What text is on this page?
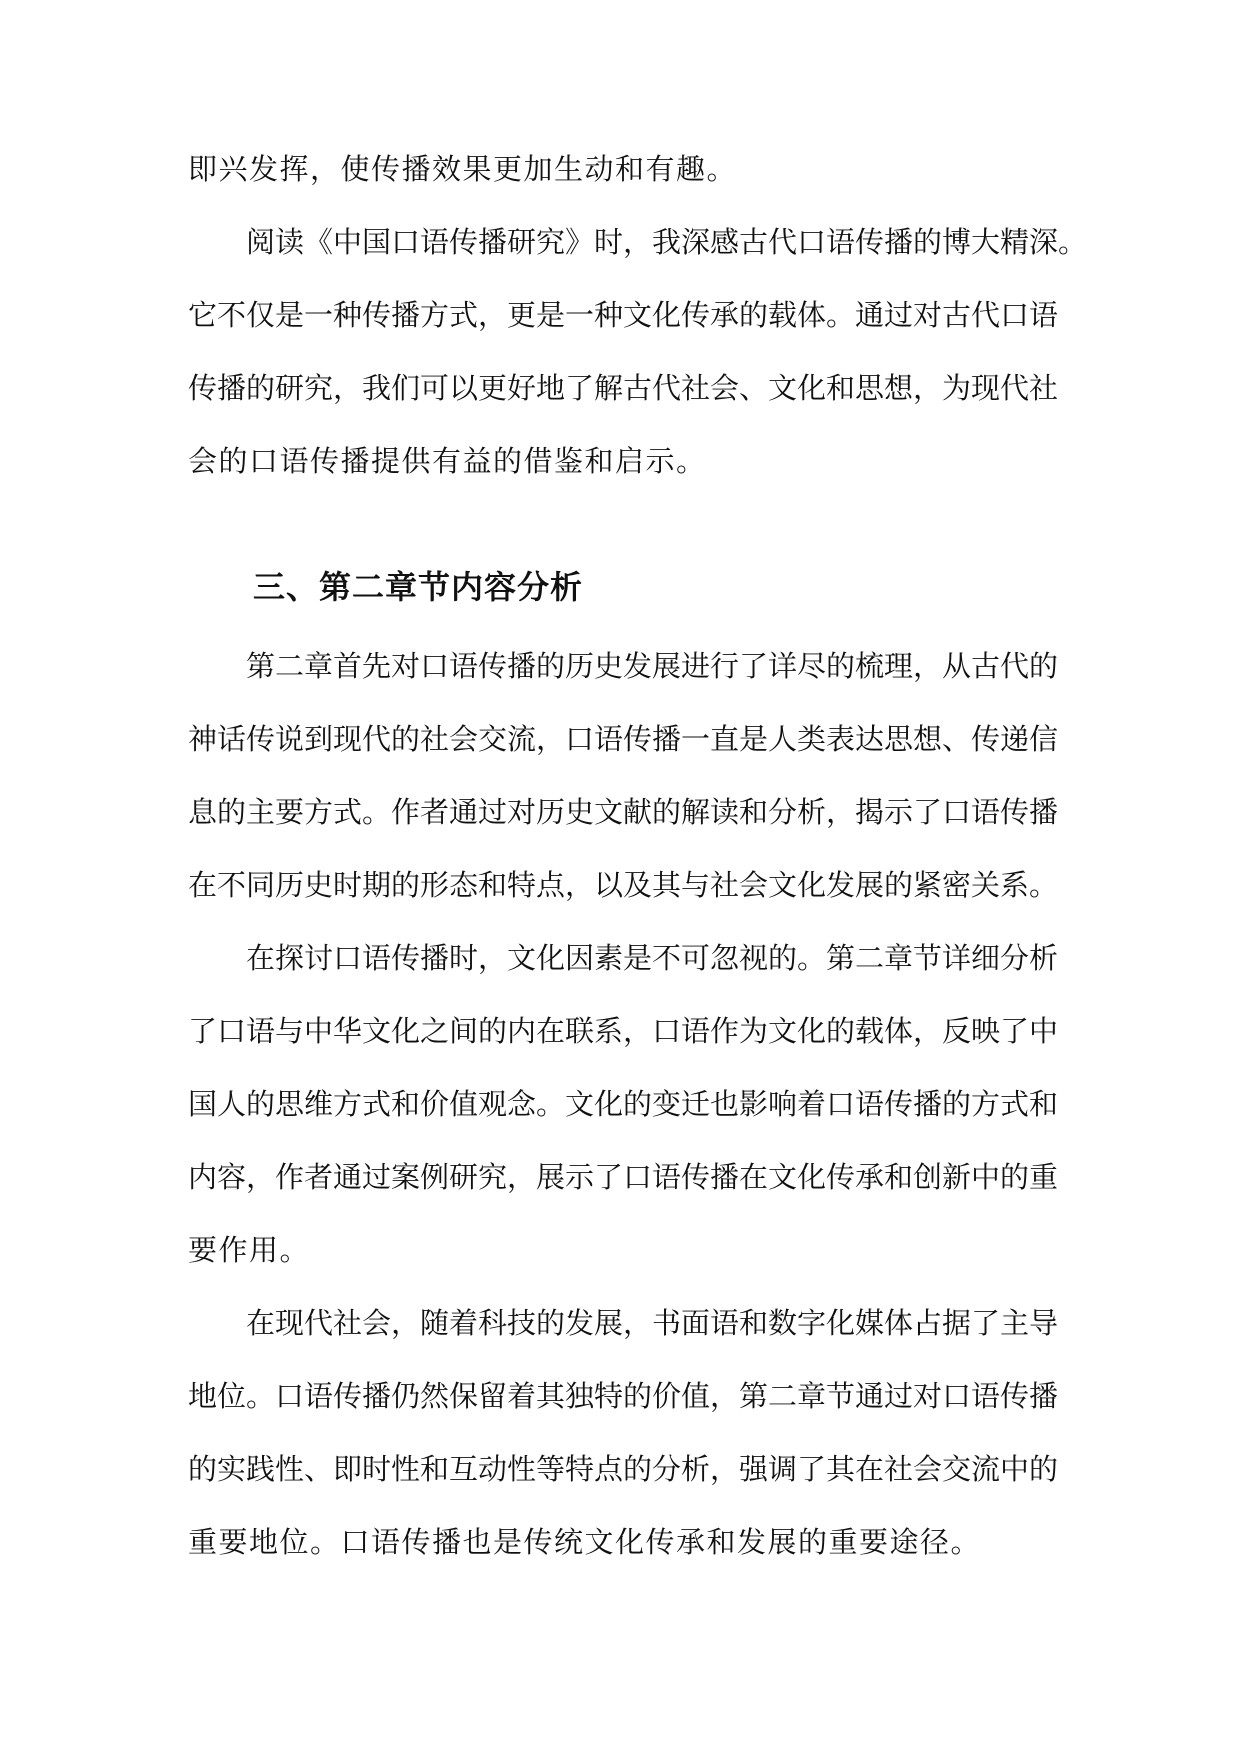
即兴发挥，使传播效果更加生动和有趣。
阅读《中国口语传播研究》时，我深感古代口语传播的博大精深。
它不仅是一种传播方式，更是一种文化传承的载体。通过对古代口语
传播的研究，我们可以更好地了解古代社会、文化和思想，为现代社
会的口语传播提供有益的借鉴和启示。
三、第二章节内容分析
第二章首先对口语传播的历史发展进行了详尽的梳理，从古代的
神话传说到现代的社会交流，口语传播一直是人类表达思想、传递信
息的主要方式。作者通过对历史文献的解读和分析，揭示了口语传播
在不同历史时期的形态和特点，以及其与社会文化发展的紧密关系。
在探讨口语传播时，文化因素是不可忽视的。第二章节详细分析
了口语与中华文化之间的内在联系，口语作为文化的载体，反映了中
国人的思维方式和价值观念。文化的变迁也影响着口语传播的方式和
内容，作者通过案例研究，展示了口语传播在文化传承和创新中的重
要作用。
在现代社会，随着科技的发展，书面语和数字化媒体占据了主导
地位。口语传播仍然保留着其独特的价值，第二章节通过对口语传播
的实践性、即时性和互动性等特点的分析，强调了其在社会交流中的
重要地位。口语传播也是传统文化传承和发展的重要途径。
